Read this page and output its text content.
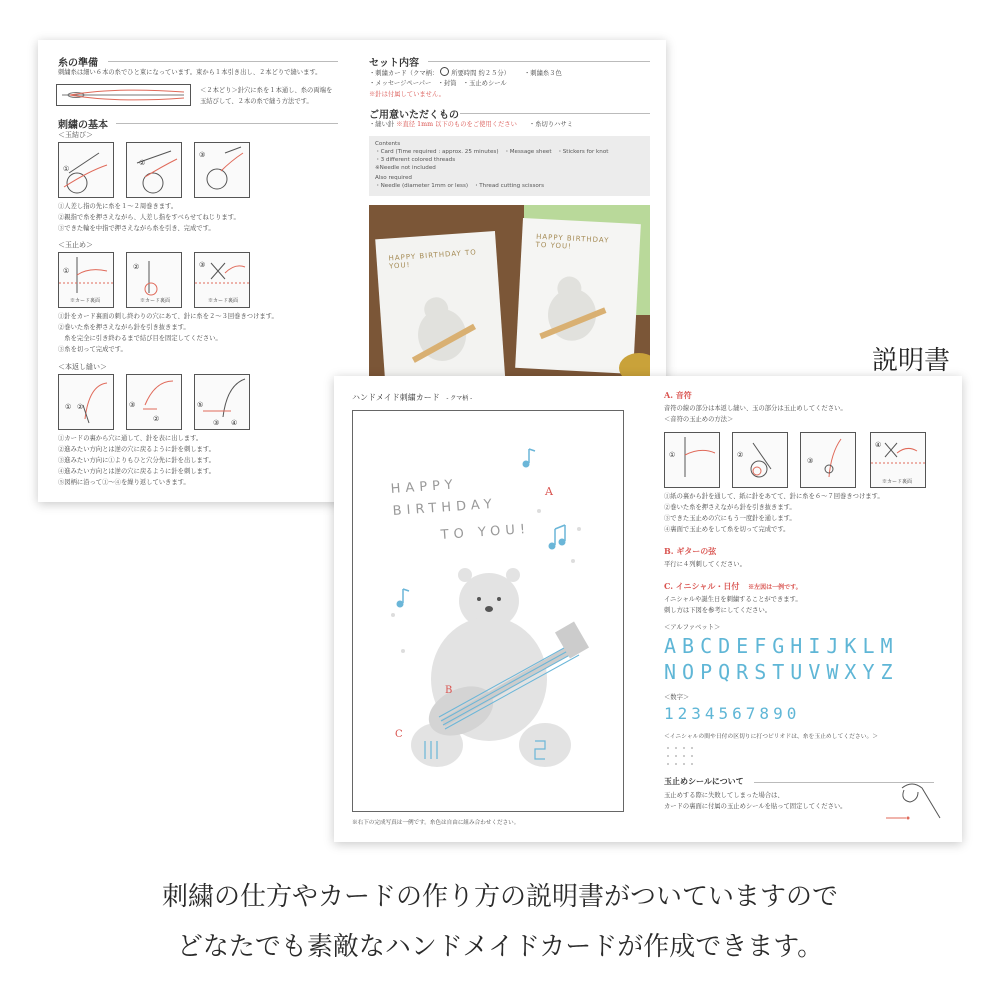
糸の準備
刺繍糸は細い６本の糸でひと束になっています。束から１本引き出し、２本どりで縫います。
＜２本どり＞針穴に糸を１本通し、糸の両端を
玉結びして、２本の糸で縫う方法です。
刺繍の基本
＜玉結び＞
①
②
③
①人差し指の先に糸を１〜２周巻きます。
②親指で糸を押さえながら、人差し指をすべらせてねじります。
③できた輪を中指で押さえながら糸を引き、完成です。
＜玉止め＞
①	②	③
※カード裏面	※カード裏面	※カード裏面
①針をカード裏面の刺し終わりの穴にあて、針に糸を２〜３回巻きつけます。
②巻いた糸を押さえながら針を引き抜きます。
　糸を完全に引き終わるまで結び目を固定してください。
③糸を切って完成です。
＜本返し縫い＞
① ②	③
②
⑤
③ ④
①カードの裏から穴に通して、針を表に出します。
②進みたい方向とは逆の穴に戻るように針を刺します。
③進みたい方向に①よりもひと穴分先に針を出します。
④進みたい方向とは逆の穴に戻るように針を刺します。
⑤図柄に沿って①〜④を繰り返していきます。
セット内容
・刺繍カード（クマ柄： 所要時間 約２５分） ・刺繍糸３色
・メッセージペーパー　・封筒　・玉止めシール
※針は付属していません。
ご用意いただくもの
・縫い針 ※直径 1mm 以下のものをご使用ください ・糸切りハサミ
Contents
・Card (Time required : approx. 25 minutes)　・Message sheet　・Stickers for knot
・3 different colored threads
※Needle not included
Also required
・Needle (diameter 1mm or less)　・Thread cutting scissors
HAPPY BIRTHDAY TO YOU!
HAPPY BIRTHDAY TO YOU!
説明書
ハンドメイド刺繍カード - クマ柄 -
HAPPY
BIRTHDAY
TO YOU!
A
B
C
※右下の完成写真は一例です。糸色は自由に組み合わせください。
A. 音符
音符の線の部分は本返し縫い、玉の部分は玉止めしてください。
＜音符の玉止めの方法＞
①	②
③
④
※カード裏面
①紙の裏から針を通して、紙に針をあてて、針に糸を６〜７回巻きつけます。
②巻いた糸を押さえながら針を引き抜きます。
③できた玉止めの穴にもう一度針を通します。
④裏面で玉止めをして糸を切って完成です。
B. ギターの弦
平行に４列刺してください。
C. イニシャル・日付 ※左図は一例です。
イニシャルや誕生日を刺繍することができます。
刺し方は下図を参考にしてください。
＜アルファベット＞
ABCDEFGHIJKLM
NOPQRSTUVWXYZ
＜数字＞
1234567890
＜イニシャルの間や日付の区切りに打つピリオドは、糸を玉止めしてください。＞
玉止めシールについて
玉止めする際に失敗してしまった場合は、
カードの裏面に付属の玉止めシールを貼って固定してください。
刺繍の仕方やカードの作り方の説明書がついていますので
どなたでも素敵なハンドメイドカードが作成できます。
